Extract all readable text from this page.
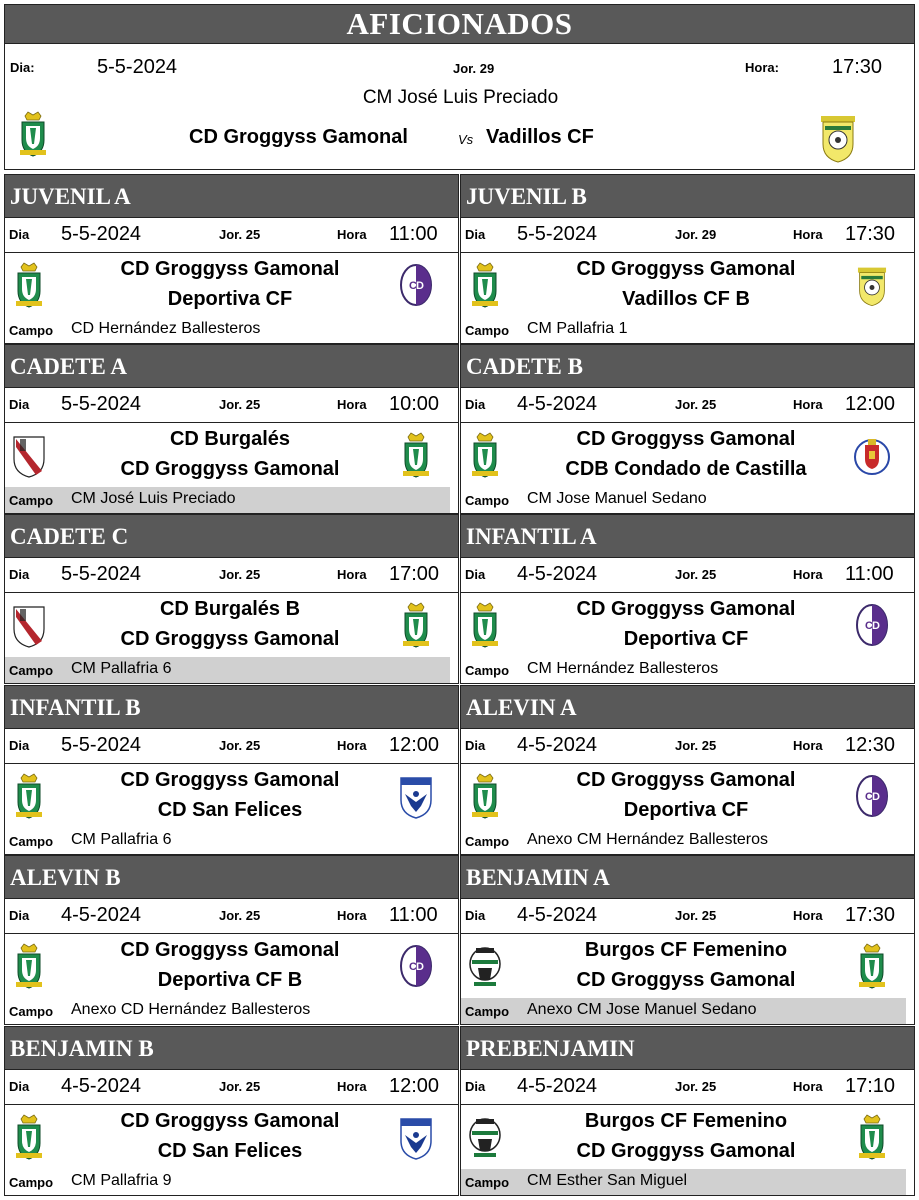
AFICIONADOS
Dia:	5-5-2024	Jor. 29	Hora:	17:30
CM José Luis Preciado
CD Groggyss Gamonal	Vs Vadillos CF
JUVENIL A
Dia 5-5-2024	Jor. 25	Hora 11:00
CD Groggyss Gamonal
Deportiva CF
C D
Campo CD Hernández Ballesteros
JUVENIL B
Dia 5-5-2024	Jor. 29	Hora 17:30
CD Groggyss Gamonal
Vadillos CF B
Campo CM Pallafria 1
CADETE A
Dia 5-5-2024	Jor. 25	Hora 10:00
CD Burgalés
CD Groggyss Gamonal
Campo CM José Luis Preciado
CADETE B
Dia 4-5-2024	Jor. 25	Hora 12:00
CD Groggyss Gamonal
CDB Condado de Castilla
Campo CM Jose Manuel Sedano
CADETE C
Dia 5-5-2024	Jor. 25	Hora 17:00
CD Burgalés B
CD Groggyss Gamonal
Campo CM Pallafria 6
INFANTIL A
Dia 4-5-2024	Jor. 25	Hora 11:00
CD Groggyss Gamonal
Deportiva CF
C D
Campo CM Hernández Ballesteros
INFANTIL B
Dia 5-5-2024	Jor. 25	Hora 12:00
CD Groggyss Gamonal
CD San Felices
Campo CM Pallafria 6
ALEVIN A
Dia 4-5-2024	Jor. 25	Hora 12:30
CD Groggyss Gamonal
Deportiva CF
C D
Campo Anexo CM Hernández Ballesteros
ALEVIN B
Dia 4-5-2024	Jor. 25	Hora 11:00
CD Groggyss Gamonal
Deportiva CF B
C D
Campo Anexo CD Hernández Ballesteros
BENJAMIN A
Dia 4-5-2024	Jor. 25	Hora 17:30
Burgos CF Femenino
CD Groggyss Gamonal
Campo Anexo CM Jose Manuel Sedano
BENJAMIN B
Dia 4-5-2024	Jor. 25	Hora 12:00
CD Groggyss Gamonal
CD San Felices
Campo CM Pallafria 9
PREBENJAMIN
Dia 4-5-2024	Jor. 25	Hora 17:10
Burgos CF Femenino
CD Groggyss Gamonal
Campo CM Esther San Miguel
